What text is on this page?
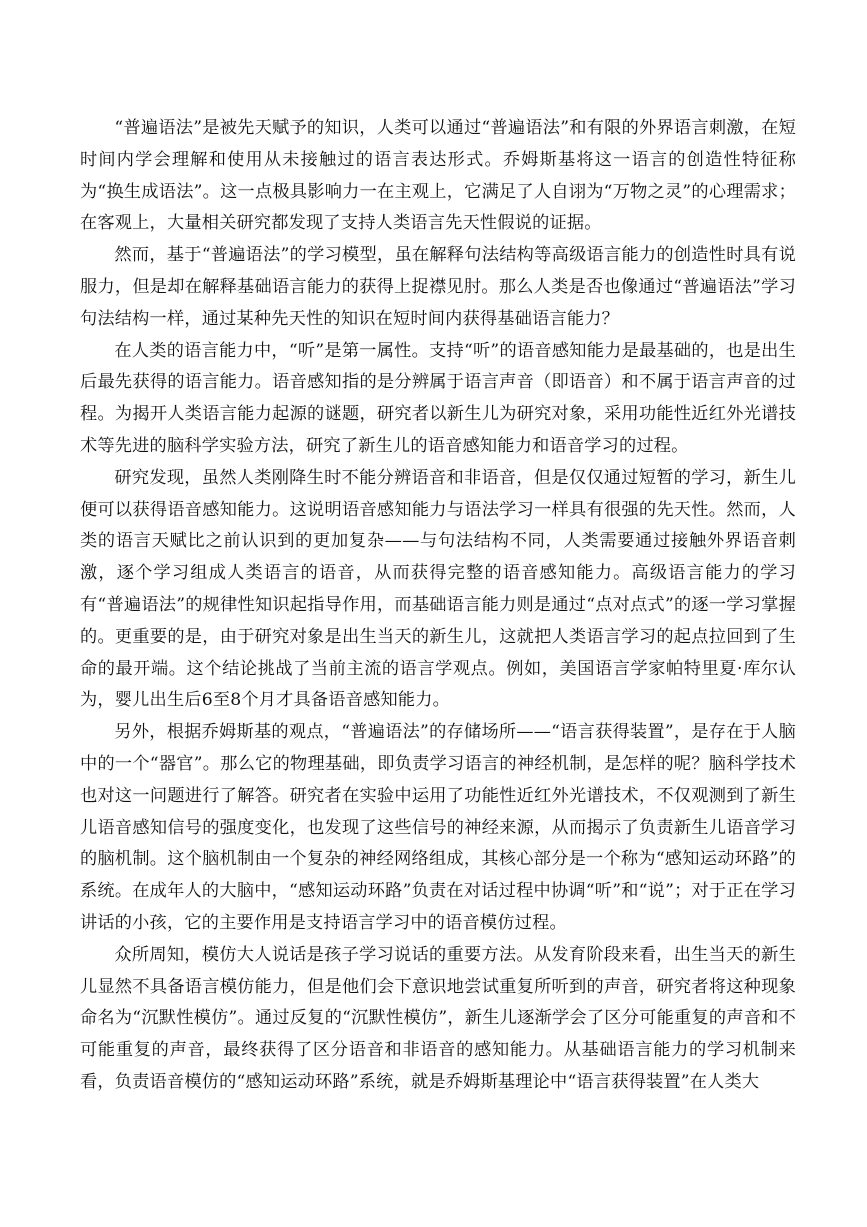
“普遍语法”是被先天赋予的知识，人类可以通过“普遍语法”和有限的外界语言刺激，在短时间内学会理解和使用从未接触过的语言表达形式。乔姆斯基将这一语言的创造性特征称为“换生成语法”。这一点极具影响力一在主观上，它满足了人自诩为“万物之灵”的心理需求；在客观上，大量相关研究都发现了支持人类语言先天性假说的证据。

然而，基于“普遍语法”的学习模型，虽在解释句法结构等高级语言能力的创造性时具有说服力，但是却在解释基础语言能力的获得上捉襟见肘。那么人类是否也像通过“普遍语法”学习句法结构一样，通过某种先天性的知识在短时间内获得基础语言能力？

在人类的语言能力中，“听”是第一属性。支持“听”的语音感知能力是最基础的，也是出生后最先获得的语言能力。语音感知指的是分辨属于语言声音（即语音）和不属于语言声音的过程。为揭开人类语言能力起源的谜题，研究者以新生儿为研究对象，采用功能性近红外光谱技术等先进的脑科学实验方法，研究了新生儿的语音感知能力和语音学习的过程。

研究发现，虽然人类刚降生时不能分辨语音和非语音，但是仅仅通过短暂的学习，新生儿便可以获得语音感知能力。这说明语音感知能力与语法学习一样具有很强的先天性。然而，人类的语言天赋比之前认识到的更加复杂——与句法结构不同，人类需要通过接触外界语音刺激，逐个学习组成人类语言的语音，从而获得完整的语音感知能力。高级语言能力的学习有“普遍语法”的规律性知识起指导作用，而基础语言能力则是通过“点对点式”的逐一学习掌握的。更重要的是，由于研究对象是出生当天的新生儿，这就把人类语言学习的起点拉回到了生命的最开端。这个结论挑战了当前主流的语言学观点。例如，美国语言学家帕特里夏·库尔认为，婴儿出生后6至8个月才具备语音感知能力。

另外，根据乔姆斯基的观点，“普遍语法”的存储场所——“语言获得装置”，是存在于人脑中的一个“器官”。那么它的物理基础，即负责学习语言的神经机制，是怎样的呢？脑科学技术也对这一问题进行了解答。研究者在实验中运用了功能性近红外光谱技术，不仅观测到了新生儿语音感知信号的强度变化，也发现了这些信号的神经来源，从而揭示了负责新生儿语音学习的脑机制。这个脑机制由一个复杂的神经网络组成，其核心部分是一个称为“感知运动环路”的系统。在成年人的大脑中，“感知运动环路”负责在对话过程中协调“听”和“说”；对于正在学习讲话的小孩，它的主要作用是支持语言学习中的语音模仿过程。

众所周知，模仿大人说话是孩子学习说话的重要方法。从发育阶段来看，出生当天的新生儿显然不具备语言模仿能力，但是他们会下意识地尝试重复所听到的声音，研究者将这种现象命名为“沉默性模仿”。通过反复的“沉默性模仿”，新生儿逐渐学会了区分可能重复的声音和不可能重复的声音，最终获得了区分语音和非语音的感知能力。从基础语言能力的学习机制来看，负责语音模仿的“感知运动环路”系统，就是乔姆斯基理论中“语言获得装置”在人类大
